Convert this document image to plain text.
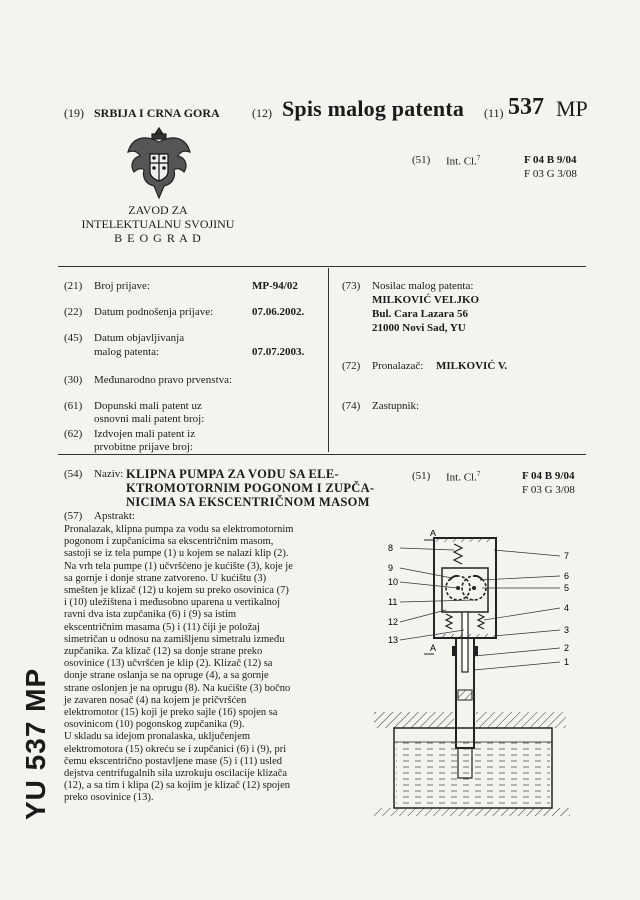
(19) SRBIJA I CRNA GORA	(12) Spis malog patenta (11) 537 MP
ZAVOD ZA
INTELEKTUALNU SVOJINU
B E O G R A D
(51) Int. Cl.$^7$	F 04 B 9/04
F 03 G 3/08
(21) Broj prijave:	MP-94/02
(22) Datum podnošenja prijave:	07.06.2002.
(45) Datum objavljivanja
malog patenta:	07.07.2003.
(30) Međunarodno pravo prvenstva:
(61) Dopunski mali patent uz
osnovni mali patent broj:
(62) Izdvojen mali patent iz
prvobitne prijave broj:
(73) Nosilac malog patenta:
MILKOVIĆ VELJKO
Bul. Cara Lazara 56
21000 Novi Sad, YU
(72) Pronalazač: MILKOVIĆ V.
(74) Zastupnik:
(54) Naziv: KLIPNA PUMPA ZA VODU SA ELE-
KTROMOTORNIM POGONOM I ZUPČA-
NICIMA SA EKSCENTRIČNOM MASOM
(51) Int. Cl.$^7$	F 04 B 9/04
F 03 G 3/08
(57) Apstrakt:

Pronalazak, klipna pumpa za vodu sa elektromotornim

pogonom i zupčanicima sa ekscentričnim masom,

sastoji se iz tela pumpe (1) u kojem se nalazi klip (2).

Na vrh tela pumpe (1) učvršćeno je kućište (3), koje je

sa gornje i donje strane zatvoreno. U kućištu (3)

smešten je klizač (12) u kojem su preko osovinica (7)

i (10) uležištena i međusobno uparena u vertikalnoj

ravni dva ista zupčanika (6) i (9) sa istim

ekscentričnim masama (5) i (11) čiji je položaj

simetričan u odnosu na zamišljenu simetralu između

zupčanika. Za klizač (12) sa donje strane preko

osovinice (13) učvršćen je klip (2). Klizač (12) sa

donje strane oslanja se na opruge (4), a sa gornje

strane oslonjen je na oprugu (8). Na kućište (3) bočno

je zavaren nosač (4) na kojem je pričvršćen

elektromotor (15) koji je preko sajle (16) spojen sa

osovinicom (10) pogonskog zupčanika (9).

U skladu sa idejom pronalaska, uključenjem

elektromotora (15) okreću se i zupčanici (6) i (9), pri

čemu ekscentrično postavljene mase (5) i (11) usled

dejstva centrifugalnih sila uzrokuju oscilacije klizača

(12), a sa tim i klipa (2) sa kojim je klizač (12) spojen

preko osovinice (13).

YU 537 MP
A
A
8
9
10
11
12
13
7
6
5
4
3
2
1
